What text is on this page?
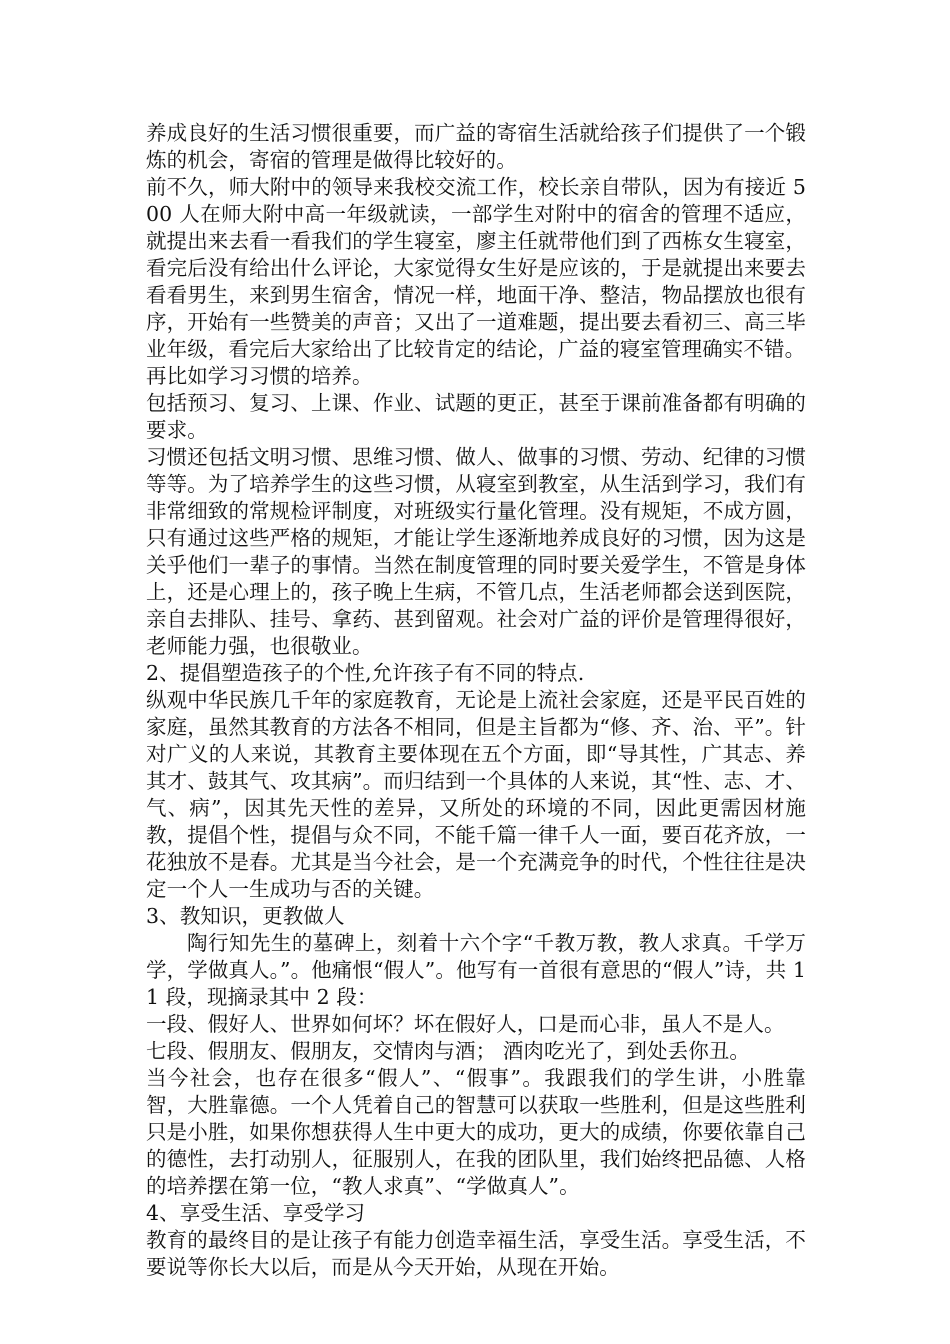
养成良好的生活习惯很重要，而广益的寄宿生活就给孩子们提供了一个锻炼的机会，寄宿的管理是做得比较好的。

前不久，师大附中的领导来我校交流工作，校长亲自带队，因为有接近 500 人在师大附中高一年级就读，一部学生对附中的宿舍的管理不适应，就提出来去看一看我们的学生寝室，廖主任就带他们到了西栋女生寝室，看完后没有给出什么评论，大家觉得女生好是应该的，于是就提出来要去看看男生，来到男生宿舍，情况一样，地面干净、整洁，物品摆放也很有序，开始有一些赞美的声音；又出了一道难题，提出要去看初三、高三毕业年级，看完后大家给出了比较肯定的结论，广益的寝室管理确实不错。

再比如学习习惯的培养。

包括预习、复习、上课、作业、试题的更正，甚至于课前准备都有明确的要求。

习惯还包括文明习惯、思维习惯、做人、做事的习惯、劳动、纪律的习惯等等。为了培养学生的这些习惯，从寝室到教室，从生活到学习，我们有非常细致的常规检评制度，对班级实行量化管理。没有规矩，不成方圆，只有通过这些严格的规矩，才能让学生逐渐地养成良好的习惯，因为这是关乎他们一辈子的事情。当然在制度管理的同时要关爱学生，不管是身体上，还是心理上的，孩子晚上生病，不管几点，生活老师都会送到医院，亲自去排队、挂号、拿药、甚到留观。社会对广益的评价是管理得很好，老师能力强，也很敬业。

2、提倡塑造孩子的个性,允许孩子有不同的特点.

纵观中华民族几千年的家庭教育，无论是上流社会家庭，还是平民百姓的家庭，虽然其教育的方法各不相同，但是主旨都为“修、齐、治、平”。针对广义的人来说，其教育主要体现在五个方面，即“导其性，广其志、养其才、鼓其气、攻其病”。而归结到一个具体的人来说，其“性、志、才、气、病”，因其先天性的差异，又所处的环境的不同，因此更需因材施教，提倡个性，提倡与众不同，不能千篇一律千人一面，要百花齐放，一花独放不是春。尤其是当今社会，是一个充满竞争的时代，个性往往是决定一个人一生成功与否的关键。

3、教知识，更教做人

陶行知先生的墓碑上，刻着十六个字“千教万教，教人求真。千学万学，学做真人。”。他痛恨“假人”。他写有一首很有意思的“假人”诗，共 11 段，现摘录其中 2 段：

一段、假好人、世界如何坏？坏在假好人，口是而心非，虽人不是人。

七段、假朋友、假朋友，交情肉与酒； 酒肉吃光了，到处丢你丑。

当今社会，也存在很多“假人”、“假事”。我跟我们的学生讲，小胜靠智，大胜靠德。一个人凭着自己的智慧可以获取一些胜利，但是这些胜利只是小胜，如果你想获得人生中更大的成功，更大的成绩，你要依靠自己的德性，去打动别人，征服别人，在我的团队里，我们始终把品德、人格的培养摆在第一位，“教人求真”、“学做真人”。

4、享受生活、享受学习

教育的最终目的是让孩子有能力创造幸福生活，享受生活。享受生活，不要说等你长大以后，而是从今天开始，从现在开始。
